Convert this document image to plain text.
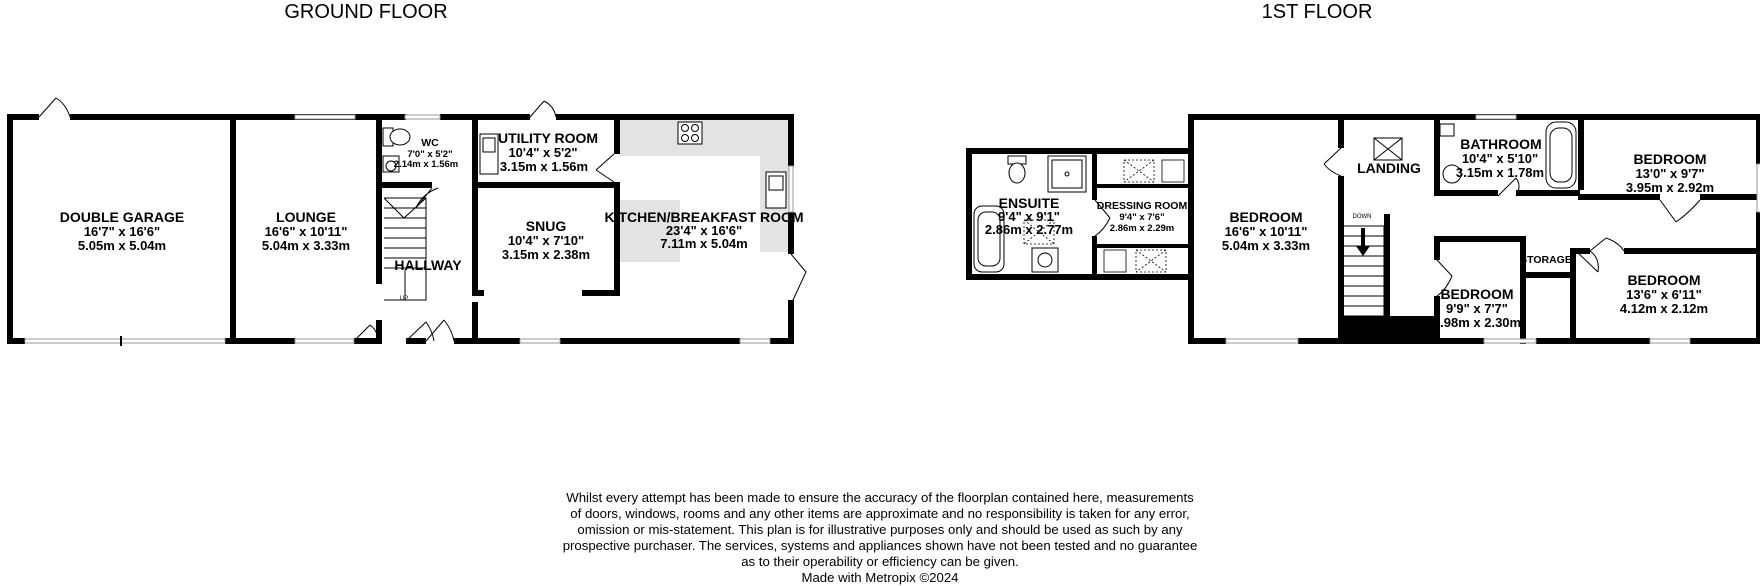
GROUND FLOOR	1ST FLOOR
UP
DOUBLE GARAGE
16'7" x 16'6"
5.05m x 5.04m
LOUNGE
16'6" x 10'11"
5.04m x 3.33m
WC
7'0" x 5'2"
2.14m x 1.56m
UTILITY ROOM
10'4" x 5'2"
3.15m x 1.56m
KITCHEN/BREAKFAST ROOM
23'4" x 16'6"
7.11m x 5.04m
SNUG
10'4" x 7'10"
3.15m x 2.38m
HALLWAY
DOWN
ENSUITE
9'4" x 9'1"
2.86m x 2.77m
DRESSING ROOM
9'4" x 7'6"
2.86m x 2.29m
BEDROOM
16'6" x 10'11"
5.04m x 3.33m
LANDING
BATHROOM
10'4" x 5'10"
3.15m x 1.78m
BEDROOM
13'0" x 9'7"
3.95m x 2.92m
STORAGE
BEDROOM
9'9" x 7'7"
2.98m x 2.30m
BEDROOM
13'6" x 6'11"
4.12m x 2.12m
Whilst every attempt has been made to ensure the accuracy of the floorplan contained here, measurements
of doors, windows, rooms and any other items are approximate and no responsibility is taken for any error,
omission or mis-statement. This plan is for illustrative purposes only and should be used as such by any
prospective purchaser. The services, systems and appliances shown have not been tested and no guarantee
as to their operability or efficiency can be given.
Made with Metropix ©2024
